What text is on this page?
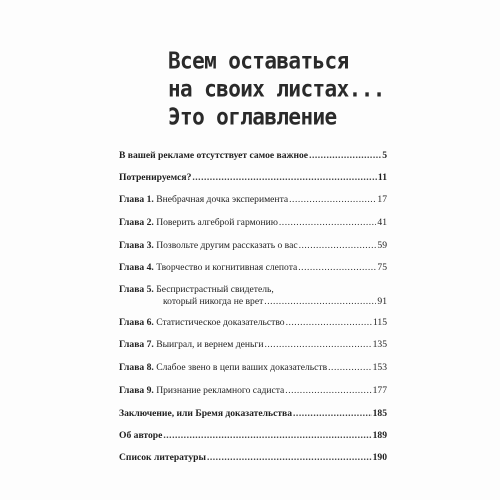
Всем оставаться
на своих листах...
Это оглавление
В вашей рекламе отсутствует самое важное .....	5
Потренируемся? .....	11
Глава 1. Внебрачная дочка эксперимента .....	17
Глава 2. Поверить алгеброй гармонию .....	41
Глава 3. Позвольте другим рассказать о вас .....	59
Глава 4. Творчество и когнитивная слепота .....	75
Глава 5. Беспристрастный свидетель,
который никогда не врет .....	91
Глава 6. Статистическое доказательство .....	115
Глава 7. Выиграл, и вернем деньги .....	135
Глава 8. Слабое звено в цепи ваших доказательств .....	153
Глава 9. Признание рекламного садиста .....	177
Заключение, или Бремя доказательства .....	185
Об авторе .....	189
Список литературы .....	190
